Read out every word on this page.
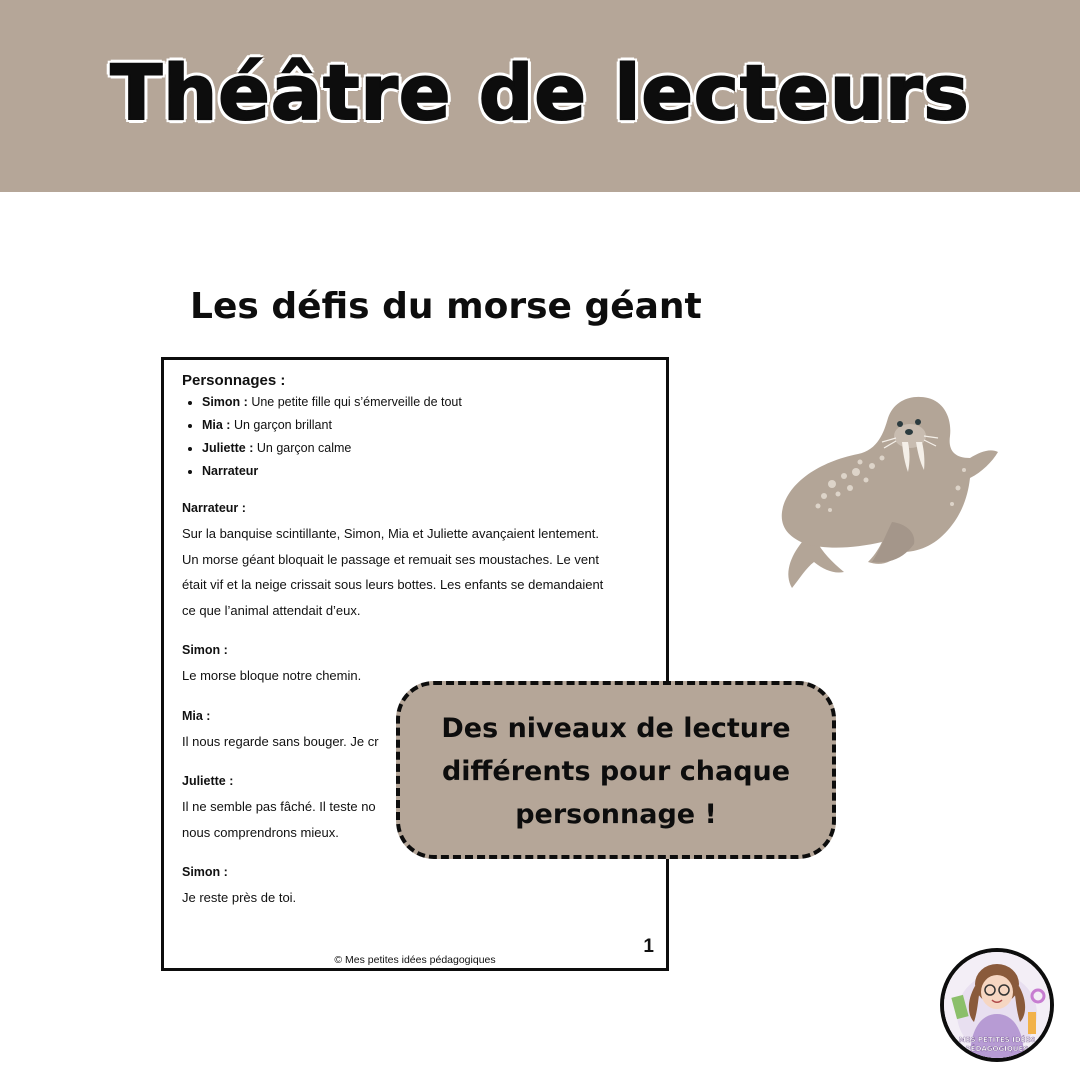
Théâtre de lecteurs
Les défis du morse géant
Personnages :
• Simon : Une petite fille qui s’émerveille de tout
• Mia : Un garçon brillant
• Juliette : Un garçon calme
• Narrateur
Narrateur :
Sur la banquise scintillante, Simon, Mia et Juliette avançaient lentement.
Un morse géant bloquait le passage et remuait ses moustaches. Le vent
était vif et la neige crissait sous leurs bottes. Les enfants se demandaient
ce que l’animal attendait d’eux.
Simon :
Le morse bloque notre chemin.
Mia :
Il nous regarde sans bouger. Je cr
Juliette :
Il ne semble pas fâché. Il teste no
nous comprendrons mieux.
Simon :
Je reste près de toi.
1
© Mes petites idées pédagogiques
Des niveaux de lecture différents pour chaque personnage !
MES PETITES IDÉES
PÉDAGOGIQUES
